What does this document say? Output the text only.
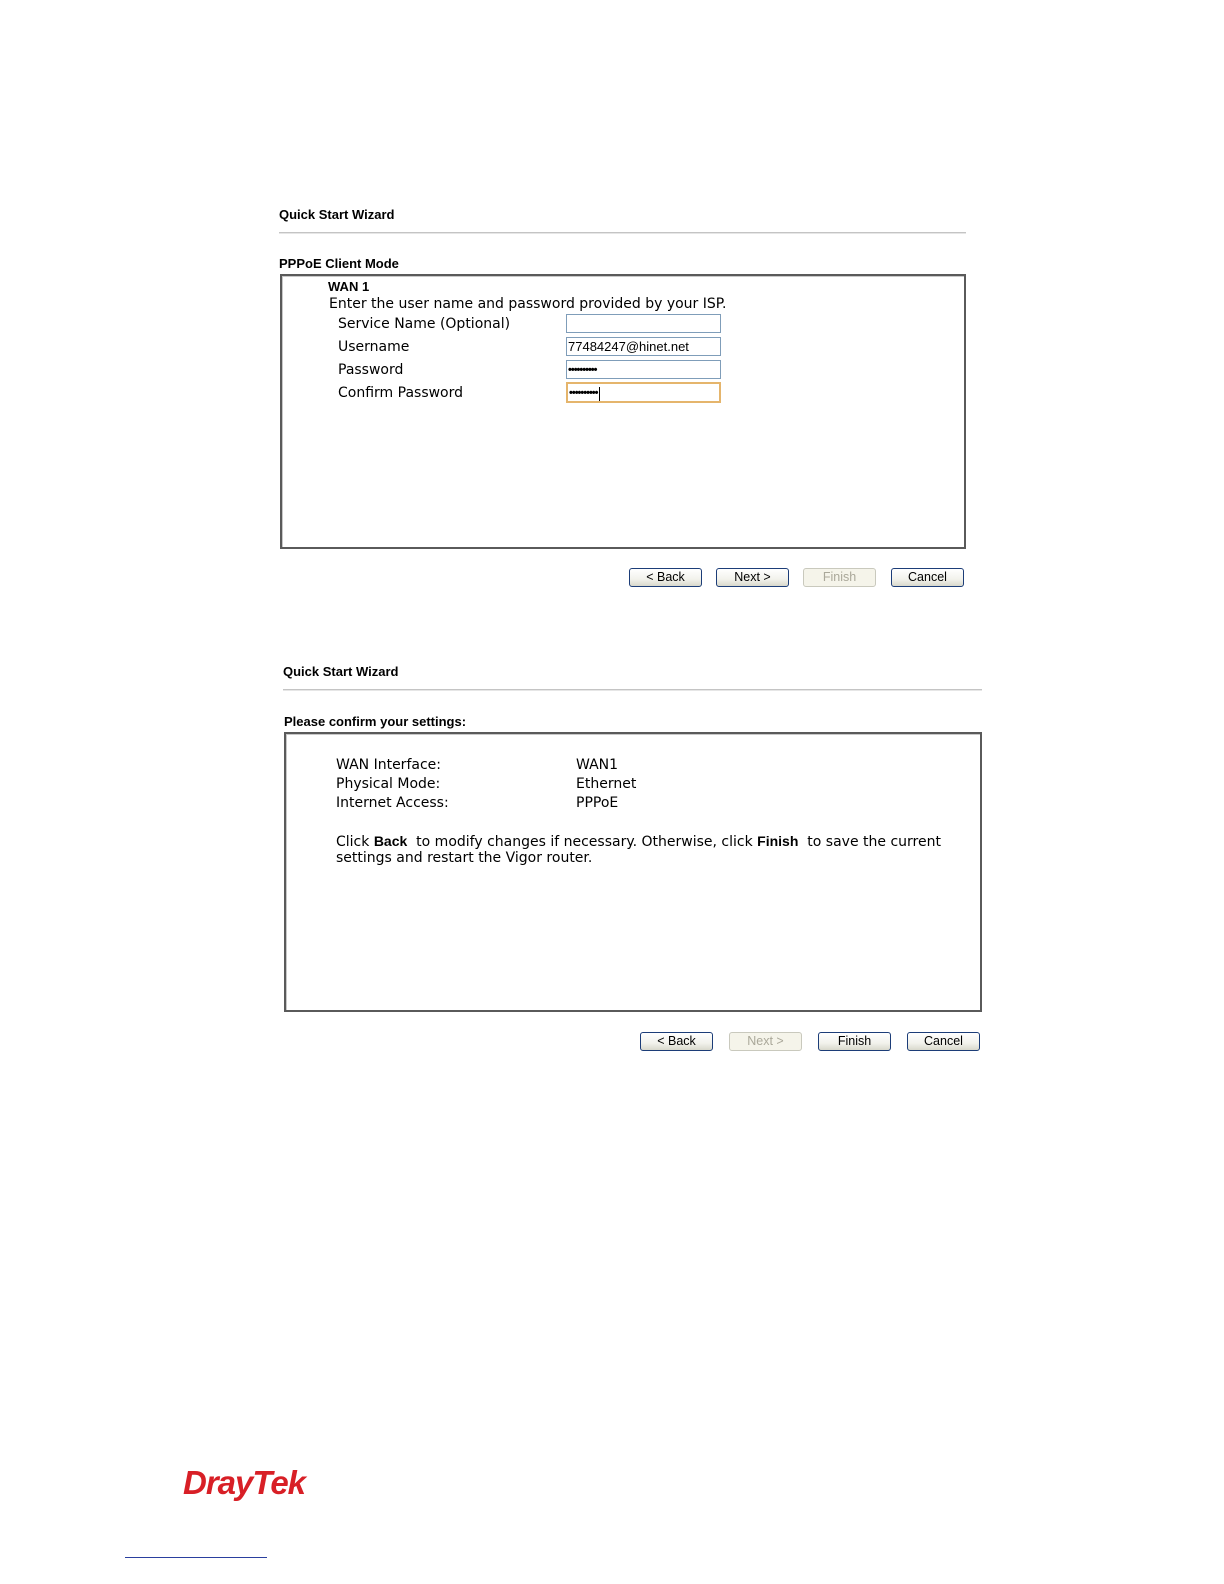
Quick Start Wizard
PPPoE Client Mode
WAN 1
Enter the user name and password provided by your ISP.
Service Name (Optional)
Username	77484247@hinet.net
Password	••••••••••
Confirm Password	••••••••••
< Back	Next >	Finish	Cancel
Quick Start Wizard
Please confirm your settings:
WAN Interface:	WAN1
Physical Mode:	Ethernet
Internet Access:	PPPoE
Click Back  to modify changes if necessary. Otherwise, click Finish  to save the current
settings and restart the Vigor router.
< Back	Next >	Finish	Cancel
DrayTek
